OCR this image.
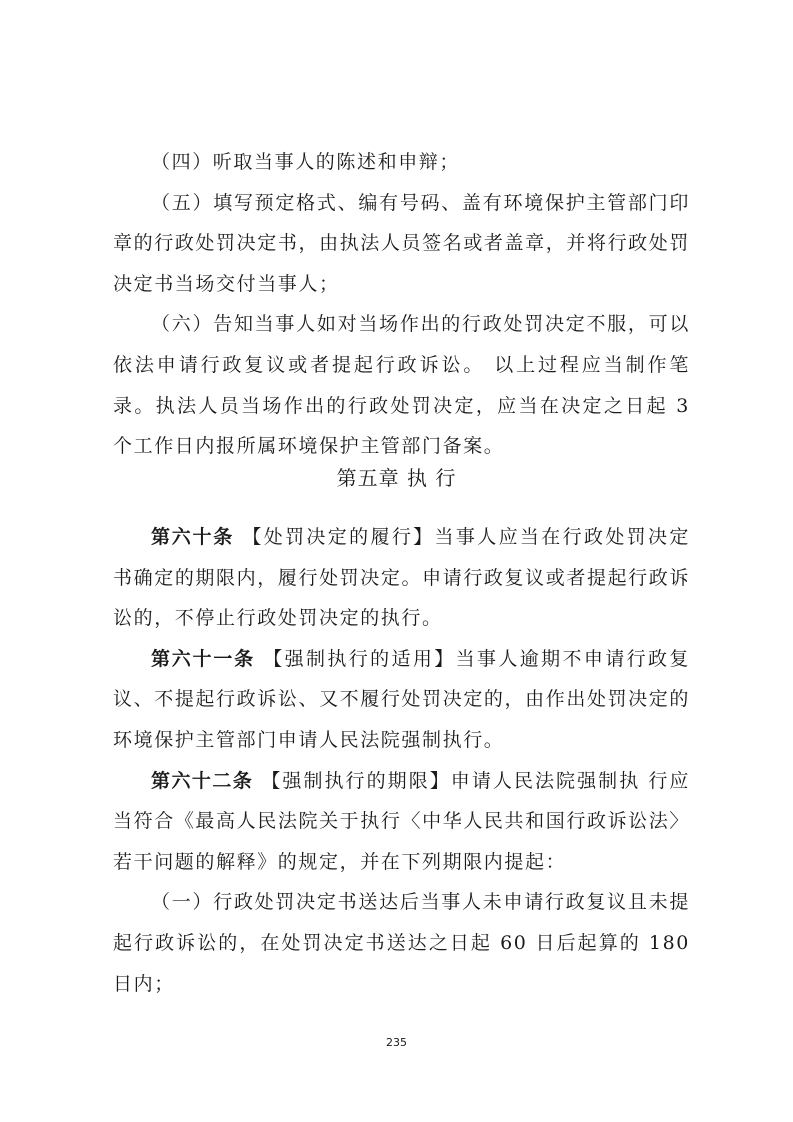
（四）听取当事人的陈述和申辩；

（五）填写预定格式、编有号码、盖有环境保护主管部门印章的行政处罚决定书，由执法人员签名或者盖章，并将行政处罚决定书当场交付当事人；

（六）告知当事人如对当场作出的行政处罚决定不服，可以依法申请行政复议或者提起行政诉讼。 以上过程应当制作笔录。执法人员当场作出的行政处罚决定，应当在决定之日起 3 个工作日内报所属环境保护主管部门备案。

第五章 执 行

第六十条 【处罚决定的履行】当事人应当在行政处罚决定书确定的期限内，履行处罚决定。申请行政复议或者提起行政诉讼的，不停止行政处罚决定的执行。

第六十一条 【强制执行的适用】当事人逾期不申请行政复议、不提起行政诉讼、又不履行处罚决定的，由作出处罚决定的环境保护主管部门申请人民法院强制执行。

第六十二条 【强制执行的期限】申请人民法院强制执 行应当符合《最高人民法院关于执行〈中华人民共和国行政诉讼法〉若干问题的解释》的规定，并在下列期限内提起：

（一）行政处罚决定书送达后当事人未申请行政复议且未提起行政诉讼的，在处罚决定书送达之日起 60 日后起算的 180日内；

235
